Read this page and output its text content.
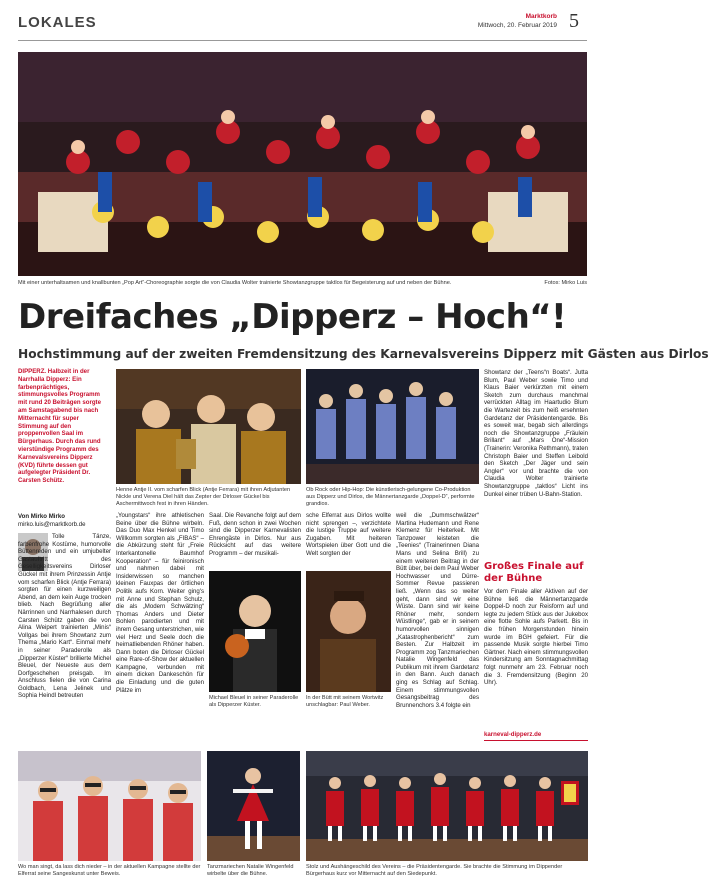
LOKALES	Marktkorb
Mittwoch, 20. Februar 2019 5
Mit einer unterhaltsamen und knallbunten „Pop Art“-Choreographie sorgte die von Claudia Wolter trainierte Showtanzgruppe taktlos für Begeisterung auf und neben der Bühne.	Fotos: Mirko Luis
Dreifaches „Dipperz – Hoch“!
Hochstimmung auf der zweiten Fremdensitzung des Karnevalsvereins Dipperz mit Gästen aus Dirlos
DIPPERZ. Halbzeit in der Narrhalla Dipperz: Ein farbenprächtiges, stimmungsvolles Programm mit rund 20 Beiträgen sorgte am Samstagabend bis nach Mitternacht für super Stimmung auf den proppenvollen Saal im Bürgerhaus. Durch das rund vierstündige Programm des Karnevalsvereins Dipperz (KVD) führte dessen gut aufgelegter Präsident Dr. Carsten Schütz.
Von Mirko Mirko
mirko.luis@marktkorb.de
Tolle Tänze, farbenfrohe Kostüme, humorvolle Büttenreden und ein umjubelter Gastauftritt des Geselligkeitsvereins Dirloser Gückel mit ihrem Prinzessin Antje vom scharfen Blick (Antje Ferrara) sorgten für einen kurzweiligen Abend, an dem kein Auge trocken blieb. Nach Begrüßung aller Närrinnen und Narrhalesen durch Carsten Schütz gaben die von Alina Weipert trainierten „Minis“ Vollgas bei ihrem Showtanz zum Thema „Mario Kart“. Einmal mehr in seiner Paraderolle als „Dipperzer Küster“ brillierte Michel Bleuel, der Neueste aus dem Dorfgeschehen preisgab. Im Anschluss fielen die von Carina Goldbach, Lena Jelinek und Sophia Heindl betreuten
Henne Antje II. vom scharfen Blick (Antje Ferrara) mit ihren Adjutanten Nickle und Verena Diel hält das Zepter der Dirloser Gückel bis Aschermittwoch fest in ihren Händen.
Ob Rock oder Hip-Hop: Die künstlerisch-gelungene Co-Produktion aus Dipperz und Dirlos, die Männertanzgarde „Doppel-D“, performte grandios.
„Youngstars“ ihre athletischen Beine über die Bühne wirbeln. Das Duo Max Henkel und Timo Willkomm sorgten als „FIBAS“ – die Abkürzung steht für „Freie Interkantonelle Baumhof Kooperation“ – für feinironisch und nahmen dabei mit Insiderwissen so manchen kleinen Fauxpas der örtlichen Politik aufs Korn. Weiter ging's mit Anne und Stephan Schulz, die als „Modern Schwätzing“ Thomas Anders und Dieter Bohlen parodierten und mit ihrem Gesang unterstrichen, wie viel Herz und Seele doch die heimatliebenden Rhöner haben. Dann boten die Dirloser Gückel eine Rare-of-Show der aktuellen Kampagne, verbunden mit einem dicken Dankeschön für die Einladung und die guten Plätze im
Saal. Die Revanche folgt auf dem Fuß, denn schon in zwei Wochen sind die Dipperzer Karnevalisten Ehrengäste in Dirlos. Nur aus Rücksicht auf das weitere Programm – der musikali-
sche Elferrat aus Dirlos wollte nicht sprengen –, verzichtete die lustige Truppe auf weitere Zugaben. Mit heiteren Wortspielen über Gott und die Welt sorgten der
weil die „Dummschwätzer“ Martina Hudemann und Rene Klemenz für Heiterkeit. Mit Tanzpower leisteten die „Teenies“ (Trainerinnen Diana Mans und Selina Brill) zu einem weiteren Beitrag in der Bütt über, bei dem Paul Weber Hochwasser und Dürre-Sommer Revue passieren ließ. „Wenn das so weiter geht, dann sind wir eine Wüste. Dann sind wir keine Rhöner mehr, sondern Wüstlinge“, gab er in seinem humorvollen sinnigen „Katastrophenbericht“ zum Besten. Zur Halbzeit im Programm zog Tanzmariechen Natalie Wingenfeld das Publikum mit ihrem Gardetanz in den Bann. Auch danach ging es Schlag auf Schlag. Einem stimmungsvollen Gesangsbeitrag des Brunnenchors 3.4 folgte ein
Michael Bleuel in seiner Paraderolle als Dipperzer Küster.
In der Bütt mit seinem Wortwitz unschlagbar: Paul Weber.
Showtanz der „Teens“n Boats“. Jutta Blum, Paul Weber sowie Timo und Klaus Baier verkürzten mit einem Sketch zum durchaus manchmal verrückten Alltag im Haartudio Blum die Wartezeit bis zum heiß ersehnten Gardetanz der Präsidentengarde. Bis es soweit war, begab sich allerdings noch die Showtanzgruppe „Fräulein Brillant“ auf „Mars One“-Mission (Trainerin: Veronika Rethmann), traten Christoph Baier und Steffen Leibold den Sketch „Der Jäger und sein Angler“ vor und brachte die von Claudia Wolter trainierte Showtanzgruppe „taktlos“ Licht ins Dunkel einer trüben U-Bahn-Station.
Großes Finale auf der Bühne
Vor dem Finale aller Aktiven auf der Bühne ließ die Männertanzgarde Doppel-D noch zur Reisform auf und legte zu jedem Stück aus der Jukebox eine flotte Sohle aufs Parkett. Bis in die frühen Morgenstunden hinein wurde im BGH gefeiert. Für die passende Musik sorgte hierbei Timo Gärtner. Nach einem stimmungsvollen Kindersitzung am Sonntagnachmittag folgt nunmehr am 23. Februar noch die 3. Fremdensitzung (Beginn 20 Uhr).
karneval-dipperz.de
Wo man singt, da lass dich nieder – in der aktuellen Kampagne stellte der Elferrat seine Sangeskunst unter Beweis.
Tanzmariechen Natalie Wingenfeld wirbelte über die Bühne.
Stolz und Aushängeschild des Vereins – die Präsidentengarde. Sie brachte die Stimmung im Dippender Bürgerhaus kurz vor Mitternacht auf den Siedepunkt.
